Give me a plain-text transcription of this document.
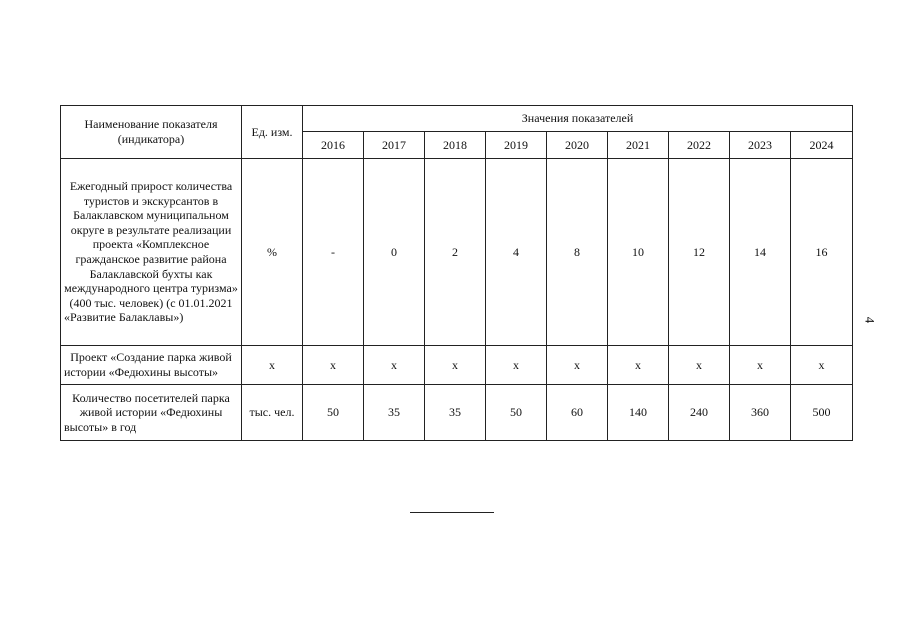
Наименование показателя (индикатора)	Ед. изм.	Значения показателей								
		2016	2017	2018	2019	2020	2021	2022	2023	2024
Ежегодный прирост количества туристов и экскурсантов в Балаклавском муниципальном округе в результате реализации проекта «Комплексное гражданское развитие района Балаклавской бухты как международного центра туризма» (400 тыс. человек) (с 01.01.2021 «Развитие Балаклавы»)	%	-	0	2	4	8	10	12	14	16
Проект «Создание парка живой истории «Федюхины высоты»	х	х	х	х	х	х	х	х	х	х
Количество посетителей парка живой истории «Федюхины высоты» в год	тыс. чел.	50	35	35	50	60	140	240	360	500
4
